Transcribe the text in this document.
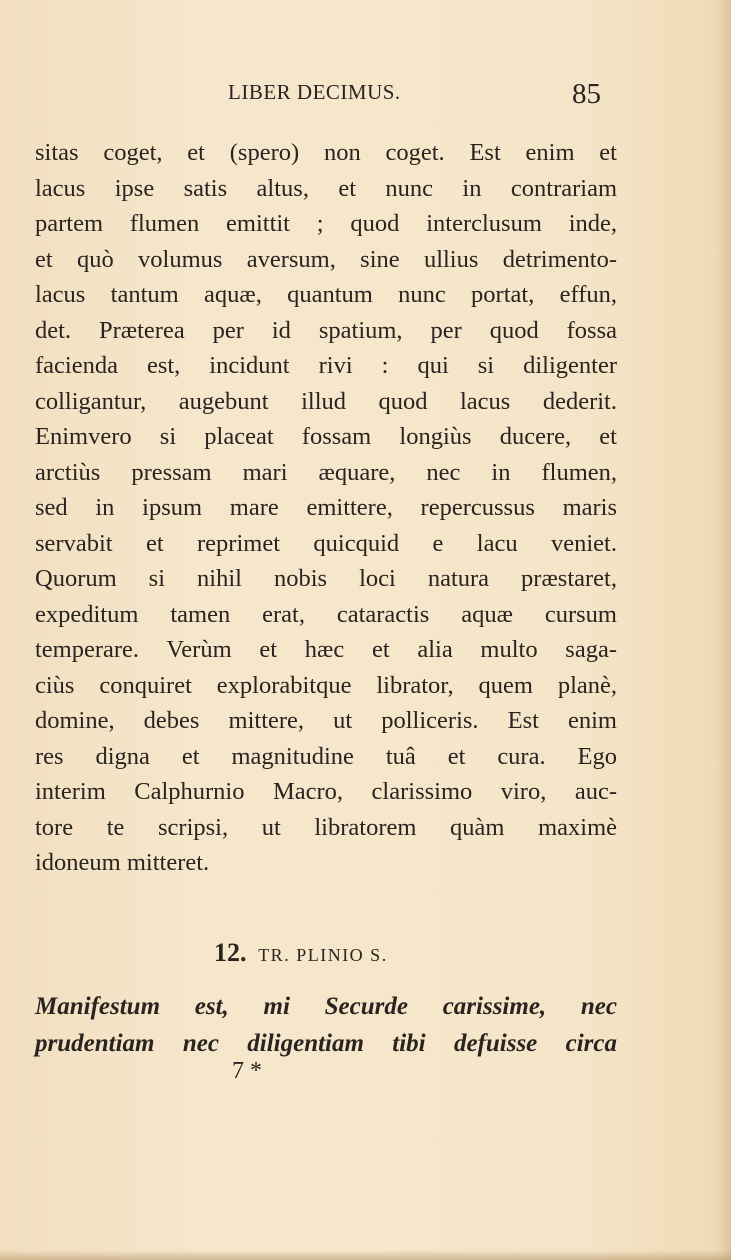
LIBER DECIMUS.	85
sitas coget, et (spero) non coget. Est enim et
lacus ipse satis altus, et nunc in contrariam
partem flumen emittit ; quod interclusum inde,
et quò volumus aversum, sine ullius detrimento-
lacus tantum aquæ, quantum nunc portat, effun,
det. Præterea per id spatium, per quod fossa
facienda est, incidunt rivi : qui si diligenter
colligantur, augebunt illud quod lacus dederit.
Enimvero si placeat fossam longiùs ducere, et
arctiùs pressam mari æquare, nec in flumen,
sed in ipsum mare emittere, repercussus maris
servabit et reprimet quicquid e lacu veniet.
Quorum si nihil nobis loci natura præstaret,
expeditum tamen erat, cataractis aquæ cursum
temperare. Verùm et hæc et alia multo saga-
ciùs conquiret explorabitque librator, quem planè,
domine, debes mittere, ut polliceris. Est enim
res digna et magnitudine tuâ et cura. Ego
interim Calphurnio Macro, clarissimo viro, auc-
tore te scripsi, ut libratorem quàm maximè
idoneum mitteret.
12. TR. PLINIO S.
Manifestum est, mi Securde carissime, nec
prudentiam nec diligentiam tibi defuisse circa
7 *
